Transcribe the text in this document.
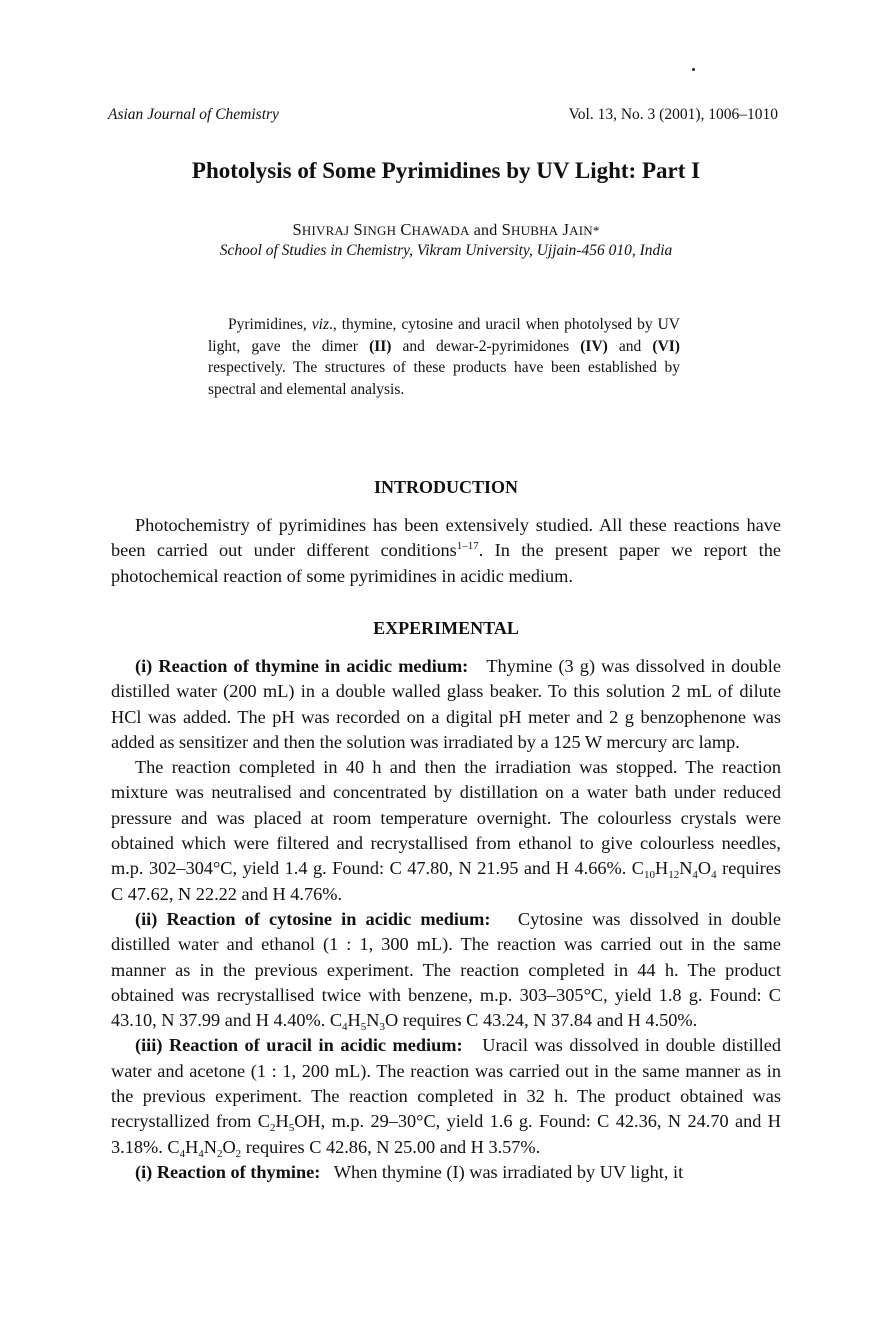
Asian Journal of Chemistry	Vol. 13, No. 3 (2001), 1006–1010
Photolysis of Some Pyrimidines by UV Light: Part I
SHIVRAJ SINGH CHAWADA and SHUBHA JAIN*
School of Studies in Chemistry, Vikram University, Ujjain-456 010, India
Pyrimidines, viz., thymine, cytosine and uracil when photolysed by UV light, gave the dimer (II) and dewar-2-pyrimidones (IV) and (VI) respectively. The structures of these products have been established by spectral and elemental analysis.
INTRODUCTION

Photochemistry of pyrimidines has been extensively studied. All these reactions have been carried out under different conditions$^{1-17}$. In the present paper we report the photochemical reaction of some pyrimidines in acidic medium.

EXPERIMENTAL

(i) Reaction of thymine in acidic medium: Thymine (3 g) was dissolved in double distilled water (200 mL) in a double walled glass beaker. To this solution 2 mL of dilute HCl was added. The pH was recorded on a digital pH meter and 2 g benzophenone was added as sensitizer and then the solution was irradiated by a 125 W mercury arc lamp.

The reaction completed in 40 h and then the irradiation was stopped. The reaction mixture was neutralised and concentrated by distillation on a water bath under reduced pressure and was placed at room temperature overnight. The colourless crystals were obtained which were filtered and recrystallised from ethanol to give colourless needles, m.p. 302–304°C, yield 1.4 g. Found: C 47.80, N 21.95 and H 4.66%. $C_{10}H_{12}N_4O_4$ requires C 47.62, N 22.22 and H 4.76%.

(ii) Reaction of cytosine in acidic medium: Cytosine was dissolved in double distilled water and ethanol (1 : 1, 300 mL). The reaction was carried out in the same manner as in the previous experiment. The reaction completed in 44 h. The product obtained was recrystallised twice with benzene, m.p. 303–305°C, yield 1.8 g. Found: C 43.10, N 37.99 and H 4.40%. $C_4H_5N_3O$ requires C 43.24, N 37.84 and H 4.50%.

(iii) Reaction of uracil in acidic medium: Uracil was dissolved in double distilled water and acetone (1 : 1, 200 mL). The reaction was carried out in the same manner as in the previous experiment. The reaction completed in 32 h. The product obtained was recrystallized from $C_2H_5OH$, m.p. 29–30°C, yield 1.6 g. Found: C 42.36, N 24.70 and H 3.18%. $C_4H_4N_2O_2$ requires C 42.86, N 25.00 and H 3.57%.

(i) Reaction of thymine: When thymine (I) was irradiated by UV light, it
